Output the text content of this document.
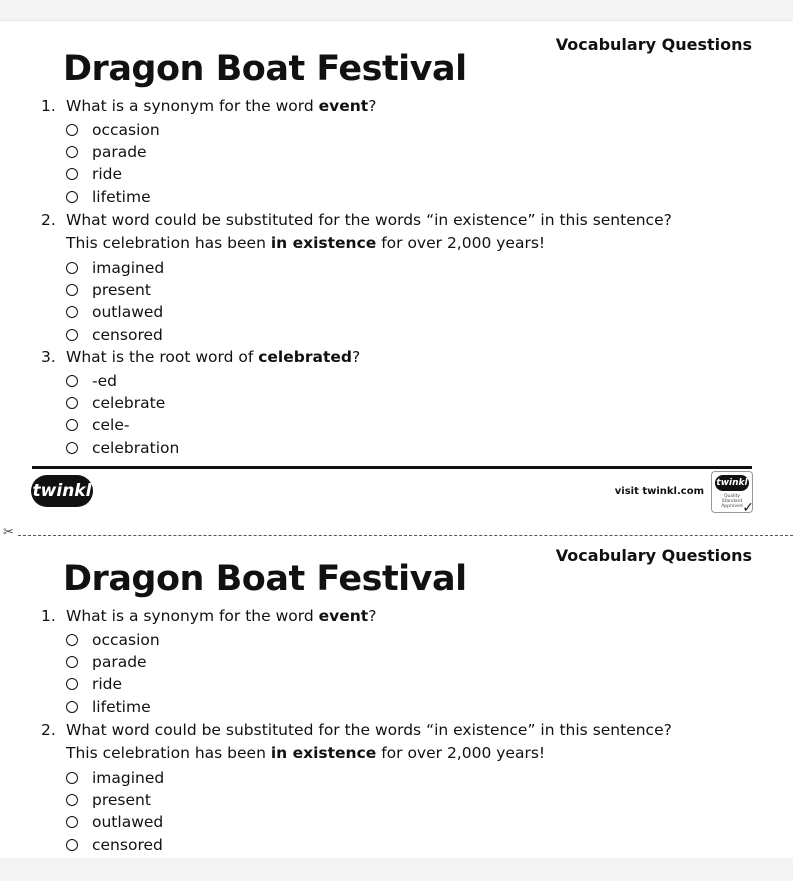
Vocabulary Questions
Dragon Boat Festival
1. What is a synonym for the word event?
occasion
parade
ride
lifetime
2. What word could be substituted for the words “in existence” in this sentence?
This celebration has been in existence for over 2,000 years!
imagined
present
outlawed
censored
3. What is the root word of celebrated?
-ed
celebrate
cele-
celebration
twinkl	visit twinkl.com
twinkl
Quality Standard Approved ✓
✂
Vocabulary Questions
Dragon Boat Festival
1. What is a synonym for the word event?
occasion
parade
ride
lifetime
2. What word could be substituted for the words “in existence” in this sentence?
This celebration has been in existence for over 2,000 years!
imagined
present
outlawed
censored
